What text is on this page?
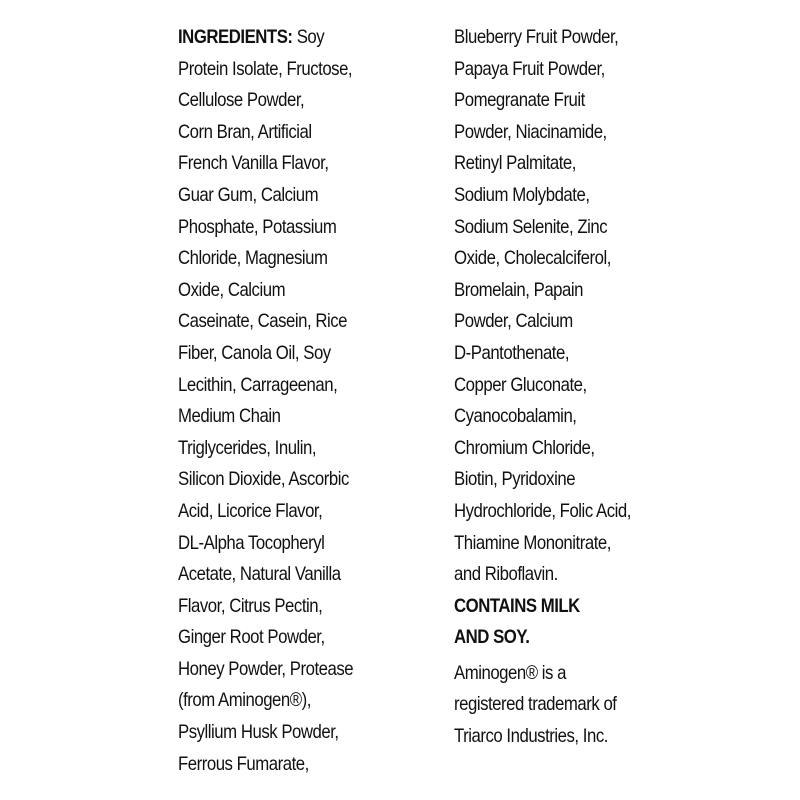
INGREDIENTS: Soy
Protein Isolate, Fructose,
Cellulose Powder,
Corn Bran, Artificial
French Vanilla Flavor,
Guar Gum, Calcium
Phosphate, Potassium
Chloride, Magnesium
Oxide, Calcium
Caseinate, Casein, Rice
Fiber, Canola Oil, Soy
Lecithin, Carrageenan,
Medium Chain
Triglycerides, Inulin,
Silicon Dioxide, Ascorbic
Acid, Licorice Flavor,
DL-Alpha Tocopheryl
Acetate, Natural Vanilla
Flavor, Citrus Pectin,
Ginger Root Powder,
Honey Powder, Protease
(from Aminogen®),
Psyllium Husk Powder,
Ferrous Fumarate,
Blueberry Fruit Powder,
Papaya Fruit Powder,
Pomegranate Fruit
Powder, Niacinamide,
Retinyl Palmitate,
Sodium Molybdate,
Sodium Selenite, Zinc
Oxide, Cholecalciferol,
Bromelain, Papain
Powder, Calcium
D-Pantothenate,
Copper Gluconate,
Cyanocobalamin,
Chromium Chloride,
Biotin, Pyridoxine
Hydrochloride, Folic Acid,
Thiamine Mononitrate,
and Riboflavin.
CONTAINS MILK
AND SOY.
Aminogen® is a
registered trademark of
Triarco Industries, Inc.
